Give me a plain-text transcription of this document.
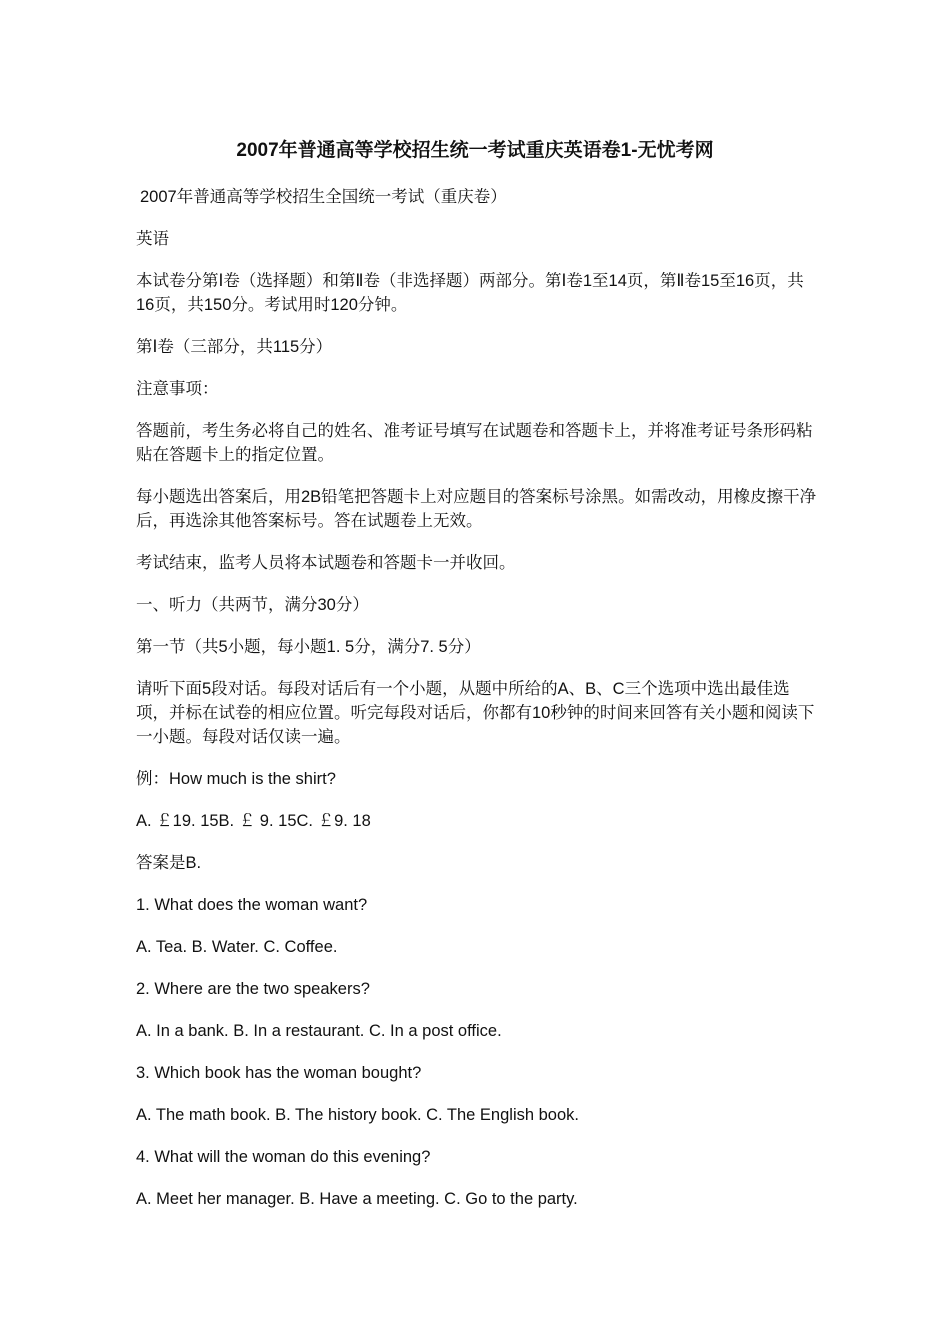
2007年普通高等学校招生统一考试重庆英语卷1-无忧考网

2007年普通高等学校招生全国统一考试（重庆卷）

英语

本试卷分第Ⅰ卷（选择题）和第Ⅱ卷（非选择题）两部分。第Ⅰ卷1至14页，第Ⅱ卷15至16页，共16页，共150分。考试用时120分钟。

第Ⅰ卷（三部分，共115分）

注意事项：

答题前，考生务必将自己的姓名、准考证号填写在试题卷和答题卡上，并将准考证号条形码粘贴在答题卡上的指定位置。

每小题选出答案后，用2B铅笔把答题卡上对应题目的答案标号涂黑。如需改动，用橡皮擦干净后，再选涂其他答案标号。答在试题卷上无效。

考试结束，监考人员将本试题卷和答题卡一并收回。

一、听力（共两节，满分30分）

第一节（共5小题，每小题1. 5分，满分7. 5分）

请听下面5段对话。每段对话后有一个小题，从题中所给的A、B、C三个选项中选出最佳选项，并标在试卷的相应位置。听完每段对话后，你都有10秒钟的时间来回答有关小题和阅读下一小题。每段对话仅读一遍。

例：How much is the shirt?

A. ￡19. 15B. ￡ 9. 15C. ￡9. 18

答案是B.

1. What does the woman want?

A. Tea. B. Water. C. Coffee.

2. Where are the two speakers?

A. In a bank. B. In a restaurant. C. In a post office.

3. Which book has the woman bought?

A. The math book. B. The history book. C. The English book.

4. What will the woman do this evening?

A. Meet her manager. B. Have a meeting. C. Go to the party.
